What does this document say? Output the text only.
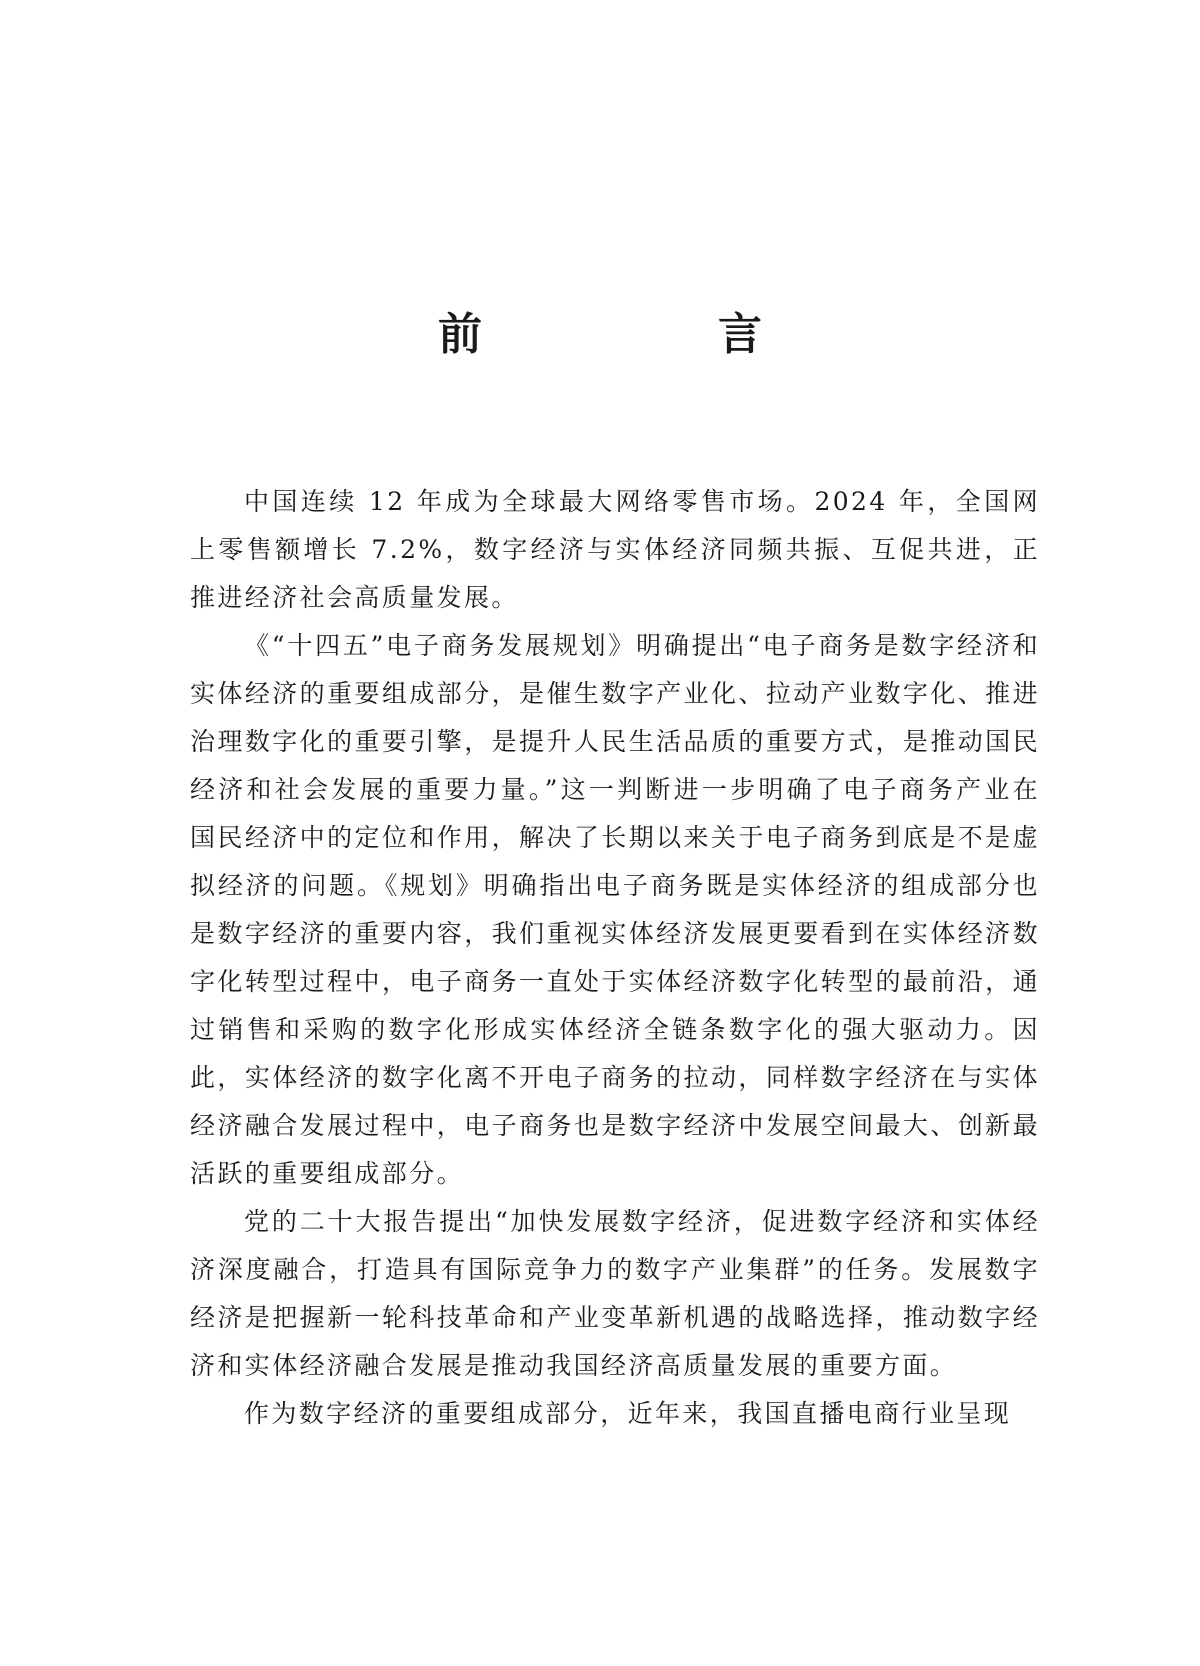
前　言

中国连续 12 年成为全球最大网络零售市场。2024 年，全国网上零售额增长 7.2%，数字经济与实体经济同频共振、互促共进，正推进经济社会高质量发展。

《“十四五”电子商务发展规划》明确提出“电子商务是数字经济和实体经济的重要组成部分，是催生数字产业化、拉动产业数字化、推进治理数字化的重要引擎，是提升人民生活品质的重要方式，是推动国民经济和社会发展的重要力量。”这一判断进一步明确了电子商务产业在国民经济中的定位和作用，解决了长期以来关于电子商务到底是不是虚拟经济的问题。《规划》明确指出电子商务既是实体经济的组成部分也是数字经济的重要内容，我们重视实体经济发展更要看到在实体经济数字化转型过程中，电子商务一直处于实体经济数字化转型的最前沿，通过销售和采购的数字化形成实体经济全链条数字化的强大驱动力。因此，实体经济的数字化离不开电子商务的拉动，同样数字经济在与实体经济融合发展过程中，电子商务也是数字经济中发展空间最大、创新最活跃的重要组成部分。

党的二十大报告提出“加快发展数字经济，促进数字经济和实体经济深度融合，打造具有国际竞争力的数字产业集群”的任务。发展数字经济是把握新一轮科技革命和产业变革新机遇的战略选择，推动数字经济和实体经济融合发展是推动我国经济高质量发展的重要方面。

作为数字经济的重要组成部分，近年来，我国直播电商行业呈现
